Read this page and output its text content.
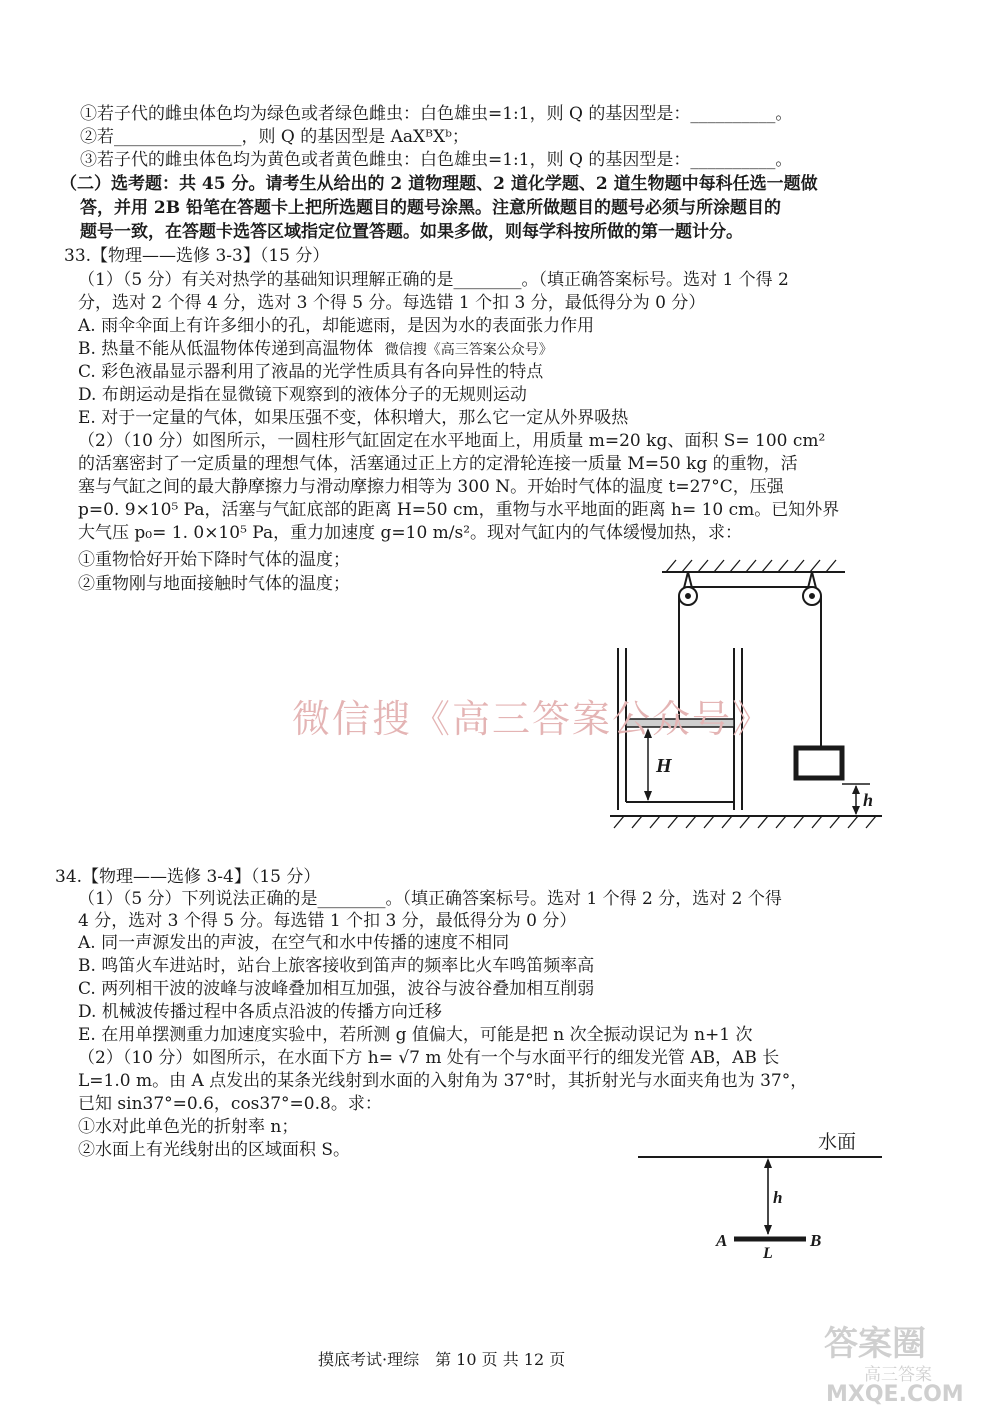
①若子代的雌虫体色均为绿色或者绿色雌虫：白色雄虫=1:1，则 Q 的基因型是：__________。
②若_______________，则 Q 的基因型是 AaXᴮXᵇ；
③若子代的雌虫体色均为黄色或者黄色雌虫：白色雄虫=1:1，则 Q 的基因型是：__________。
（二）选考题：共 45 分。请考生从给出的 2 道物理题、2 道化学题、2 道生物题中每科任选一题做
答，并用 2B 铅笔在答题卡上把所选题目的题号涂黑。注意所做题目的题号必须与所涂题目的
题号一致，在答题卡选答区域指定位置答题。如果多做，则每学科按所做的第一题计分。
33.【物理——选修 3-3】（15 分）
（1）（5 分）有关对热学的基础知识理解正确的是________。（填正确答案标号。选对 1 个得 2
分，选对 2 个得 4 分，选对 3 个得 5 分。每选错 1 个扣 3 分，最低得分为 0 分）
A. 雨伞伞面上有许多细小的孔，却能遮雨，是因为水的表面张力作用
B. 热量不能从低温物体传递到高温物体 微信搜《高三答案公众号》
C. 彩色液晶显示器利用了液晶的光学性质具有各向异性的特点
D. 布朗运动是指在显微镜下观察到的液体分子的无规则运动
E. 对于一定量的气体，如果压强不变，体积增大，那么它一定从外界吸热
（2）（10 分）如图所示，一圆柱形气缸固定在水平地面上，用质量 m=20 kg、面积 S= 100 cm²
的活塞密封了一定质量的理想气体，活塞通过正上方的定滑轮连接一质量 M=50 kg 的重物，活
塞与气缸之间的最大静摩擦力与滑动摩擦力相等为 300 N。开始时气体的温度 t=27°C，压强
p=0. 9×10⁵ Pa，活塞与气缸底部的距离 H=50 cm，重物与水平地面的距离 h= 10 cm。已知外界
大气压 p₀= 1. 0×10⁵ Pa，重力加速度 g=10 m/s²。现对气缸内的气体缓慢加热，求：
①重物恰好开始下降时气体的温度；
②重物刚与地面接触时气体的温度；
H
h
微信搜《高三答案公众号》
34.【物理——选修 3-4】（15 分）
（1）（5 分）下列说法正确的是________。（填正确答案标号。选对 1 个得 2 分，选对 2 个得
4 分，选对 3 个得 5 分。每选错 1 个扣 3 分，最低得分为 0 分）
A. 同一声源发出的声波，在空气和水中传播的速度不相同
B. 鸣笛火车进站时，站台上旅客接收到笛声的频率比火车鸣笛频率高
C. 两列相干波的波峰与波峰叠加相互加强，波谷与波谷叠加相互削弱
D. 机械波传播过程中各质点沿波的传播方向迁移
E. 在用单摆测重力加速度实验中，若所测 g 值偏大，可能是把 n 次全振动误记为 n+1 次
（2）（10 分）如图所示，在水面下方 h= √7 m 处有一个与水面平行的细发光管 AB，AB 长
L=1.0 m。由 A 点发出的某条光线射到水面的入射角为 37°时，其折射光与水面夹角也为 37°，
已知 sin37°=0.6，cos37°=0.8。求：
①水对此单色光的折射率 n；
②水面上有光线射出的区域面积 S。	水面
h
A	B
L
摸底考试·理综　第 10 页 共 12 页	答案圈
高三答案
MXQE.COM
